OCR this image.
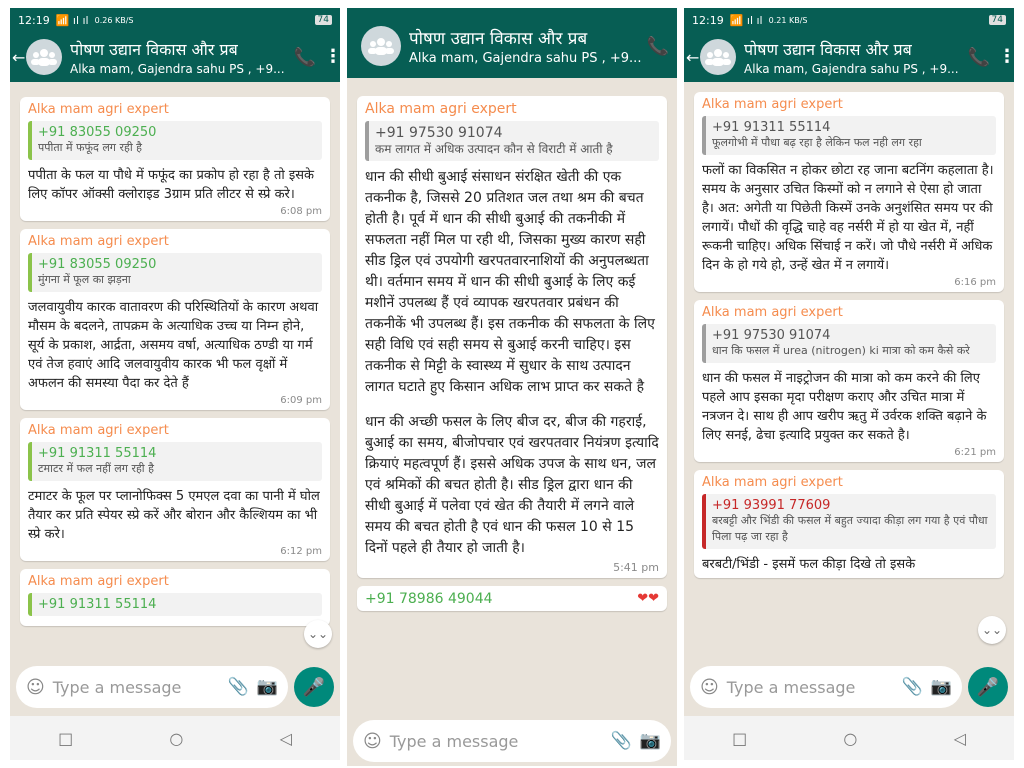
12:19 📶 ıl ıl 0.26 KB/S	74
←	पोषण उद्यान विकास और प्रब
Alka mam, Gajendra sahu PS , +9...
📞 ⋮
Alka mam agri expert
+91 83055 09250
पपीता में फफूंद लग रही है
पपीता के फल या पौधे में फफूंद का प्रकोप हो रहा है तो इसके लिए कॉपर ऑक्सी क्लोराइड 3ग्राम प्रति लीटर से स्प्रे करे।
6:08 pm
Alka mam agri expert
+91 83055 09250
मुंगना में फूल का झड़ना
जलवायुवीय कारक वातावरण की परिस्थितियों के कारण अथवा मौसम के बदलने, तापक्रम के अत्याधिक उच्च या निम्न होने, सूर्य के प्रकाश, आर्द्रता, असमय वर्षा, अत्याधिक ठण्डी या गर्म एवं तेज हवाएं आदि जलवायुवीय कारक भी फल वृक्षों में अफलन की समस्या पैदा कर देते हैं
6:09 pm
Alka mam agri expert
+91 91311 55114
टमाटर में फल नहीं लग रही है
टमाटर के फूल पर प्लानोफिक्स 5 एमएल दवा का पानी में घोल तैयार कर प्रति स्पेयर स्प्रे करें और बोरान और कैल्शियम का भी स्प्रे करे।
6:12 pm
Alka mam agri expert
+91 91311 55114
⌄⌄
☺ Type a message	📎 📷	🎤
□	○	◁
पोषण उद्यान विकास और प्रब
Alka mam, Gajendra sahu PS , +9...
📞
Alka mam agri expert
+91 97530 91074
कम लागत में अधिक उत्पादन कौन से विराटी में आती है
धान की सीधी बुआई संसाधन संरक्षित खेती की एक तकनीक है, जिससे 20 प्रतिशत जल तथा श्रम की बचत होती है। पूर्व में धान की सीधी बुआई की तकनीकी में सफलता नहीं मिल पा रही थी, जिसका मुख्य कारण सही सीड ड्रिल एवं उपयोगी खरपतवारनाशियों की अनुपलब्धता थी। वर्तमान समय में धान की सीधी बुआई के लिए कई मशीनें उपलब्ध हैं एवं व्यापक खरपतवार प्रबंधन की तकनीकें भी उपलब्ध हैं। इस तकनीक की सफलता के लिए सही विधि एवं सही समय से बुआई करनी चाहिए। इस तकनीक से मिट्टी के स्वास्थ्य में सुधार के साथ उत्पादन लागत घटाते हुए किसान अधिक लाभ प्राप्त कर सकते है
धान की अच्छी फसल के लिए बीज दर, बीज की गहराई, बुआई का समय, बीजोपचार एवं खरपतवार नियंत्रण इत्यादि क्रियाएं महत्वपूर्ण हैं। इससे अधिक उपज के साथ धन, जल एवं श्रमिकों की बचत होती है। सीड ड्रिल द्वारा धान की सीधी बुआई में पलेवा एवं खेत की तैयारी में लगने वाले समय की बचत होती है एवं धान की फसल 10 से 15 दिनों पहले ही तैयार हो जाती है।
5:41 pm
+91 78986 49044	❤❤
☺ Type a message	📎 📷
12:19 📶 ıl ıl 0.21 KB/S	74
←	पोषण उद्यान विकास और प्रब
Alka mam, Gajendra sahu PS , +9...
📞 ⋮
Alka mam agri expert
+91 91311 55114
फूलगोभी में पौधा बढ़ रहा है लेकिन फल नही लग रहा
फलों का विकसित न होकर छोटा रह जाना बटनिंग कहलाता है। समय के अनुसार उचित किस्मों को न लगाने से ऐसा हो जाता है। अत: अगेती या पिछेती किस्में उनके अनुशंसित समय पर की लगायें। पौधों की वृद्धि चाहे वह नर्सरी में हो या खेत में, नहीं रूकनी चाहिए। अधिक सिंचाई न करें। जो पौधे नर्सरी में अधिक दिन के हो गये हो, उन्हें खेत में न लगायें।
6:16 pm
Alka mam agri expert
+91 97530 91074
धान कि फसल में urea (nitrogen) ki मात्रा को कम कैसे करे
धान की फसल में नाइट्रोजन की मात्रा को कम करने की लिए पहले आप इसका मृदा परीक्षण कराए और उचित मात्रा में नत्रजन दे। साथ ही आप खरीप ऋतु में उर्वरक शक्ति बढ़ाने के लिए सनई, ढेचा इत्यादि प्रयुक्त कर सकते है।
6:21 pm
Alka mam agri expert
+91 93991 77609
बरबट्टी और भिंडी की फसल में बहुत ज्यादा कीड़ा लग गया है एवं पौधा पिला पढ़ जा रहा है
बरबटी/भिंडी - इसमें फल कीड़ा दिखे तो इसके
⌄⌄
☺ Type a message	📎 📷	🎤
□	○	◁
